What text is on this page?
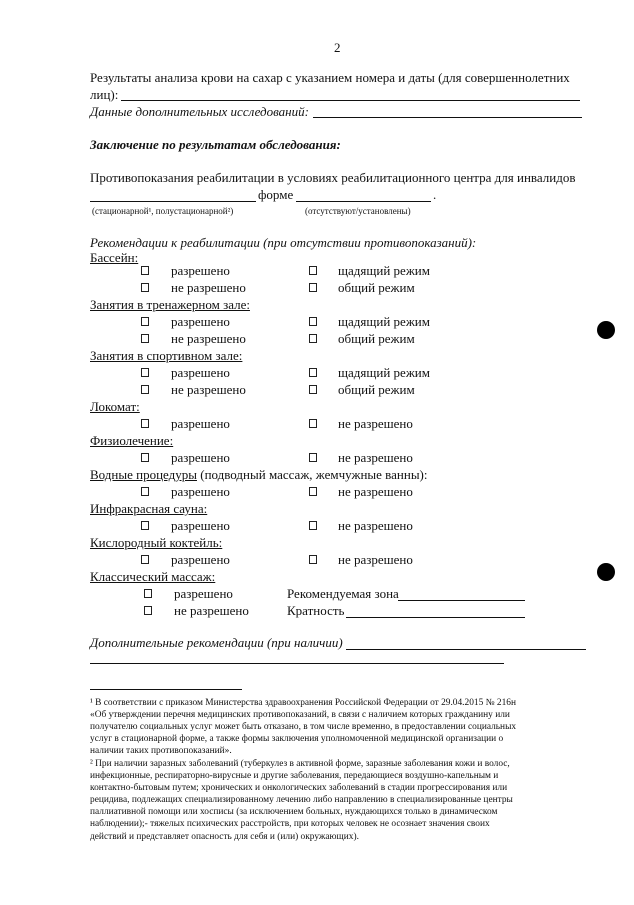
2
Результаты анализа крови на сахар с указанием номера и даты (для совершеннолетних
лиц):
Данные дополнительных исследований:
Заключение по результатам обследования:
Противопоказания реабилитации в условиях реабилитационного центра для инвалидов
форме	.
(стационарной¹, полустационарной²)	(отсутствуют/установлены)
Рекомендации к реабилитации (при отсутствии противопоказаний):
Бассейн:
разрешено	щадящий режим
не разрешено	общий режим
Занятия в тренажерном зале:
разрешено	щадящий режим
не разрешено	общий режим
Занятия в спортивном зале:
разрешено	щадящий режим
не разрешено	общий режим
Локомат:
разрешено	не разрешено
Физиолечение:
разрешено	не разрешено
Водные процедуры (подводный массаж, жемчужные ванны):
разрешено	не разрешено
Инфракрасная сауна:
разрешено	не разрешено
Кислородный коктейль:
разрешено	не разрешено
Классический массаж:
разрешено	Рекомендуемая зона
не разрешено	Кратность
Дополнительные рекомендации (при наличии)
¹ В соответствии с приказом Министерства здравоохранения Российской Федерации от 29.04.2015 № 216н
«Об утверждении перечня медицинских противопоказаний, в связи с наличием которых гражданину или
получателю социальных услуг может быть отказано, в том числе временно, в предоставлении социальных
услуг в стационарной форме, а также формы заключения уполномоченной медицинской организации о
наличии таких противопоказаний».
² При наличии заразных заболеваний (туберкулез в активной форме, заразные заболевания кожи и волос,
инфекционные, респираторно-вирусные и другие заболевания, передающиеся воздушно-капельным и
контактно-бытовым путем; хронических и онкологических заболеваний в стадии прогрессирования или
рецидива, подлежащих специализированному лечению либо направлению в специализированные центры
паллиативной помощи или хосписы (за исключением больных, нуждающихся только в динамическом
наблюдении);- тяжелых психических расстройств, при которых человек не осознает значения своих
действий и представляет опасность для себя и (или) окружающих).
